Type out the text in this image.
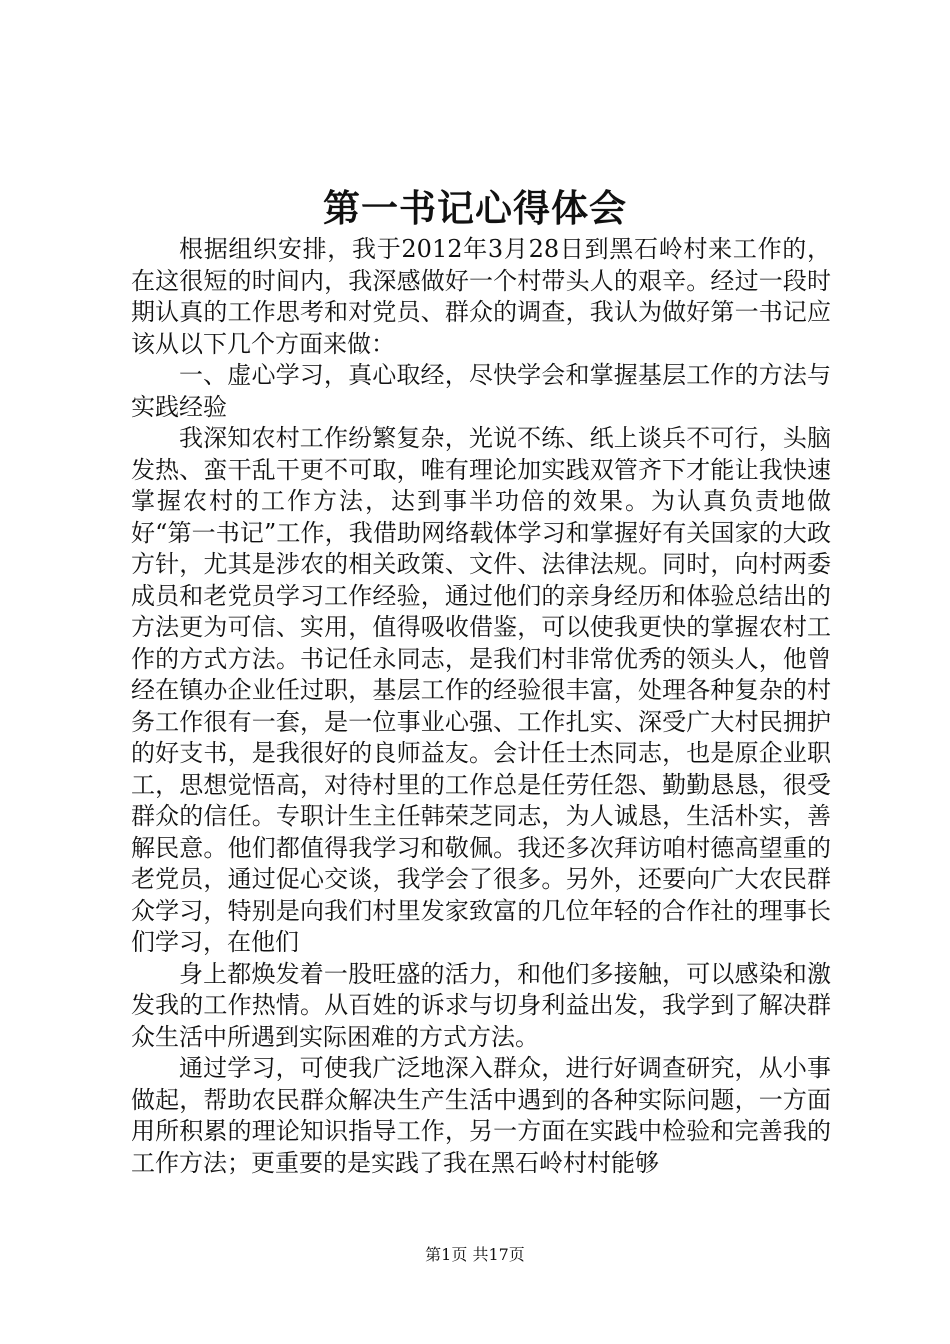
第一书记心得体会

根据组织安排，我于2012年3月28日到黑石岭村来工作的，在这很短的时间内，我深感做好一个村带头人的艰辛。经过一段时期认真的工作思考和对党员、群众的调查，我认为做好第一书记应该从以下几个方面来做：

一、虚心学习，真心取经，尽快学会和掌握基层工作的方法与实践经验

我深知农村工作纷繁复杂，光说不练、纸上谈兵不可行，头脑发热、蛮干乱干更不可取，唯有理论加实践双管齐下才能让我快速掌握农村的工作方法，达到事半功倍的效果。为认真负责地做好“第一书记”工作，我借助网络载体学习和掌握好有关国家的大政方针，尤其是涉农的相关政策、文件、法律法规。同时，向村两委成员和老党员学习工作经验，通过他们的亲身经历和体验总结出的方法更为可信、实用，值得吸收借鉴，可以使我更快的掌握农村工作的方式方法。书记任永同志，是我们村非常优秀的领头人，他曾经在镇办企业任过职，基层工作的经验很丰富，处理各种复杂的村务工作很有一套，是一位事业心强、工作扎实、深受广大村民拥护的好支书，是我很好的良师益友。会计任士杰同志，也是原企业职工，思想觉悟高，对待村里的工作总是任劳任怨、勤勤恳恳，很受群众的信任。专职计生主任韩荣芝同志，为人诚恳，生活朴实，善解民意。他们都值得我学习和敬佩。我还多次拜访咱村德高望重的老党员，通过促心交谈，我学会了很多。另外，还要向广大农民群众学习，特别是向我们村里发家致富的几位年轻的合作社的理事长们学习，在他们

身上都焕发着一股旺盛的活力，和他们多接触，可以感染和激发我的工作热情。从百姓的诉求与切身利益出发，我学到了解决群众生活中所遇到实际困难的方式方法。

通过学习，可使我广泛地深入群众，进行好调查研究，从小事做起，帮助农民群众解决生产生活中遇到的各种实际问题，一方面用所积累的理论知识指导工作，另一方面在实践中检验和完善我的工作方法；更重要的是实践了我在黑石岭村村能够

第1页 共17页
